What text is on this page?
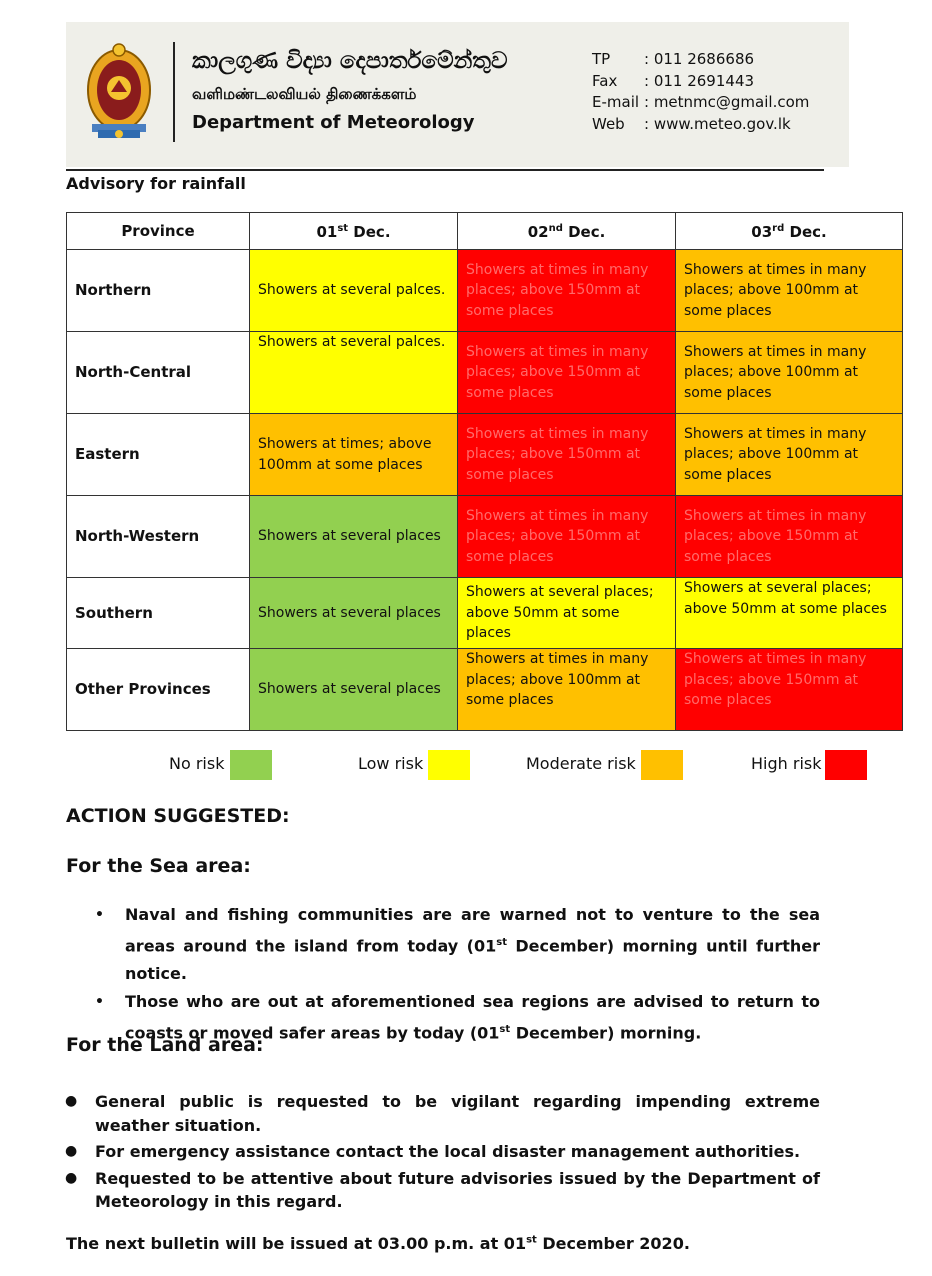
කාලගුණ විද්‍යා දෙපාර්තමේන්තුව
வளிமண்டலவியல் திணைக்களம்
Department of Meteorology
TP	: 011 2686686
Fax	: 011 2691443
E-mail : metnmc@gmail.com
Web	: www.meteo.gov.lk
Advisory for rainfall
Province	01st Dec.	02nd Dec.	03rd Dec.
Northern	Showers at several palces.	Showers at times in many places; above 150mm at some places	Showers at times in many places; above 100mm at some places
North-Central	Showers at several palces.	Showers at times in many places; above 150mm at some places	Showers at times in many places; above 100mm at some places
Eastern	Showers at times; above 100mm at some places	Showers at times in many places; above 150mm at some places	Showers at times in many places; above 100mm at some places
North-Western	Showers at several places	Showers at times in many places; above 150mm at some places	Showers at times in many places; above 150mm at some places
Southern	Showers at several places	Showers at several places; above 50mm at some places	Showers at several places; above 50mm at some places
Other Provinces	Showers at several places	Showers at times in many places; above 100mm at some places	Showers at times in many places; above 150mm at some places
No risk	Low risk	Moderate risk	High risk
ACTION SUGGESTED:
For the Sea area:
• Naval and fishing communities are are warned not to venture to the sea areas around the island from today (01st December) morning until further notice.
• Those who are out at aforementioned sea regions are advised to return to coasts or moved safer areas by today (01st December) morning.
For the Land area:
● General public is requested to be vigilant regarding impending extreme weather situation.
● For emergency assistance contact the local disaster management authorities.
● Requested to be attentive about future advisories issued by the Department of Meteorology in this regard.
The next bulletin will be issued at 03.00 p.m. at 01st December 2020.
